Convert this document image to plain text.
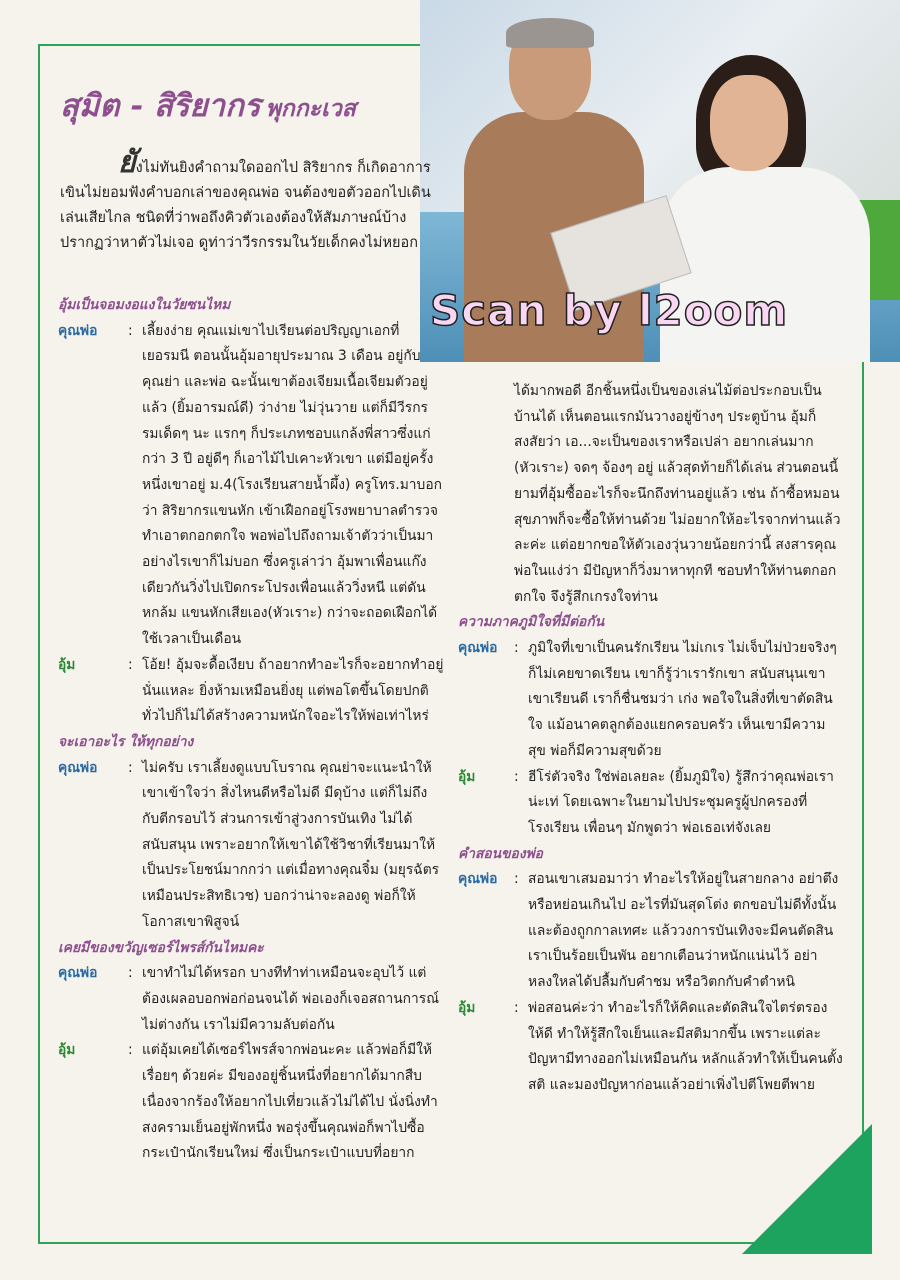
Scan by l2oom
สุมิต - สิริยากร พุกกะเวส
ยังไม่ทันยิงคำถามใดออกไป สิริยากร ก็เกิดอาการเขินไม่ยอมฟังคำบอกเล่าของคุณพ่อ จนต้องขอตัวออกไปเดินเล่นเสียไกล ชนิดที่ว่าพอถึงคิวตัวเองต้องให้สัมภาษณ์บ้าง ปรากฏว่าหาตัวไม่เจอ ดูท่าว่าวีรกรรมในวัยเด็กคงไม่หยอก
อุ้มเป็นจอมงอแงในวัยซนไหม
คุณพ่อ	: เลี้ยงง่าย คุณแม่เขาไปเรียนต่อปริญญาเอกที่เยอรมนี ตอนนั้นอุ้มอายุประมาณ 3 เดือน อยู่กับคุณย่า และพ่อ ฉะนั้นเขาต้องเจียมเนื้อเจียมตัวอยู่แล้ว (ยิ้มอารมณ์ดี) ว่าง่าย ไม่วุ่นวาย แต่ก็มีวีรกรรมเด็ดๆ นะ แรกๆ ก็ประเภทชอบแกล้งพี่สาวซึ่งแก่กว่า 3 ปี อยู่ดีๆ ก็เอาไม้ไปเคาะหัวเขา แต่มีอยู่ครั้งหนึ่งเขาอยู่ ม.4(โรงเรียนสายน้ำผึ้ง) ครูโทร.มาบอกว่า สิริยากรแขนหัก เข้าเฝือกอยู่โรงพยาบาลตำรวจ ทำเอาตกอกตกใจ พอพ่อไปถึงถามเจ้าตัวว่าเป็นมาอย่างไรเขาก็ไม่บอก ซึ่งครูเล่าว่า อุ้มพาเพื่อนแก๊งเดียวกันวิ่งไปเปิดกระโปรงเพื่อนแล้ววิ่งหนี แต่ดันหกล้ม แขนหักเสียเอง(หัวเราะ) กว่าจะถอดเฝือกได้ใช้เวลาเป็นเดือน
อุ้ม	: โอ้ย! อุ้มจะดื้อเงียบ ถ้าอยากทำอะไรก็จะอยากทำอยู่นั่นแหละ ยิ่งห้ามเหมือนยิ่งยุ แต่พอโตขึ้นโดยปกติทั่วไปก็ไม่ได้สร้างความหนักใจอะไรให้พ่อเท่าไหร่
จะเอาอะไร ให้ทุกอย่าง
คุณพ่อ	: ไม่ครับ เราเลี้ยงดูแบบโบราณ คุณย่าจะแนะนำให้เขาเข้าใจว่า สิ่งไหนดีหรือไม่ดี มีดุบ้าง แต่ก็ไม่ถึงกับตีกรอบไว้ ส่วนการเข้าสู่วงการบันเทิง ไม่ได้สนับสนุน เพราะอยากให้เขาได้ใช้วิชาที่เรียนมาให้เป็นประโยชน์มากกว่า แต่เมื่อทางคุณจิ๋ม (มยุรฉัตร เหมือนประสิทธิเวช) บอกว่าน่าจะลองดู พ่อก็ให้โอกาสเขาพิสูจน์
เคยมีของขวัญเซอร์ไพรส์กันไหมคะ
คุณพ่อ	: เขาทำไม่ได้หรอก บางทีทำท่าเหมือนจะอุบไว้ แต่ต้องเผลอบอกพ่อก่อนจนได้ พ่อเองก็เจอสถานการณ์ไม่ต่างกัน เราไม่มีความลับต่อกัน
อุ้ม	: แต่อุ้มเคยได้เซอร์ไพรส์จากพ่อนะคะ แล้วพ่อก็มีให้เรื่อยๆ ด้วยค่ะ มีของอยู่ชิ้นหนึ่งที่อยากได้มากสืบเนื่องจากร้องให้อยากไปเที่ยวแล้วไม่ได้ไป นั่งนิ่งทำสงครามเย็นอยู่พักหนึ่ง พอรุ่งขึ้นคุณพ่อก็พาไปซื้อกระเป๋านักเรียนใหม่ ซึ่งเป็นกระเป๋าแบบที่อยาก
ได้มากพอดี อีกชิ้นหนึ่งเป็นของเล่นไม้ต่อประกอบเป็นบ้านได้ เห็นตอนแรกมันวางอยู่ข้างๆ ประตูบ้าน อุ้มก็สงสัยว่า เอ...จะเป็นของเราหรือเปล่า อยากเล่นมาก (หัวเราะ) จดๆ จ้องๆ อยู่ แล้วสุดท้ายก็ได้เล่น ส่วนตอนนี้ยามที่อุ้มซื้ออะไรก็จะนึกถึงท่านอยู่แล้ว เช่น ถ้าซื้อหมอนสุขภาพก็จะซื้อให้ท่านด้วย ไม่อยากให้อะไรจากท่านแล้วละค่ะ แต่อยากขอให้ตัวเองวุ่นวายน้อยกว่านี้ สงสารคุณพ่อในแง่ว่า มีปัญหาก็วิ่งมาหาทุกที ชอบทำให้ท่านตกอกตกใจ จึงรู้สึกเกรงใจท่าน
ความภาคภูมิใจที่มีต่อกัน
คุณพ่อ	: ภูมิใจที่เขาเป็นคนรักเรียน ไม่เกเร ไม่เจ็บไม่ป่วยจริงๆ ก็ไม่เคยขาดเรียน เขาก็รู้ว่าเรารักเขา สนับสนุนเขา เขาเรียนดี เราก็ชื่นชมว่า เก่ง พอใจในสิ่งที่เขาตัดสินใจ แม้อนาคตลูกต้องแยกครอบครัว เห็นเขามีความสุข พ่อก็มีความสุขด้วย
อุ้ม	: ฮีโร่ตัวจริง ใช่พ่อเลยละ (ยิ้มภูมิใจ) รู้สึกว่าคุณพ่อเราน่ะเท่ โดยเฉพาะในยามไปประชุมครูผู้ปกครองที่โรงเรียน เพื่อนๆ มักพูดว่า พ่อเธอเท่จังเลย
คำสอนของพ่อ
คุณพ่อ	: สอนเขาเสมอมาว่า ทำอะไรให้อยู่ในสายกลาง อย่าตึงหรือหย่อนเกินไป อะไรที่มันสุดโต่ง ตกขอบไม่ดีทั้งนั้น และต้องถูกกาลเทศะ แล้ววงการบันเทิงจะมีคนตัดสินเราเป็นร้อยเป็นพัน อยากเตือนว่าหนักแน่นไว้ อย่าหลงใหลได้ปลื้มกับคำชม หรือวิตกกับคำตำหนิ
อุ้ม	: พ่อสอนค่ะว่า ทำอะไรก็ให้คิดและตัดสินใจไตร่ตรองให้ดี ทำให้รู้สึกใจเย็นและมีสติมากขึ้น เพราะแต่ละปัญหามีทางออกไม่เหมือนกัน หลักแล้วทำให้เป็นคนตั้งสติ และมองปัญหาก่อนแล้วอย่าเพิ่งไปตีโพยตีพาย
